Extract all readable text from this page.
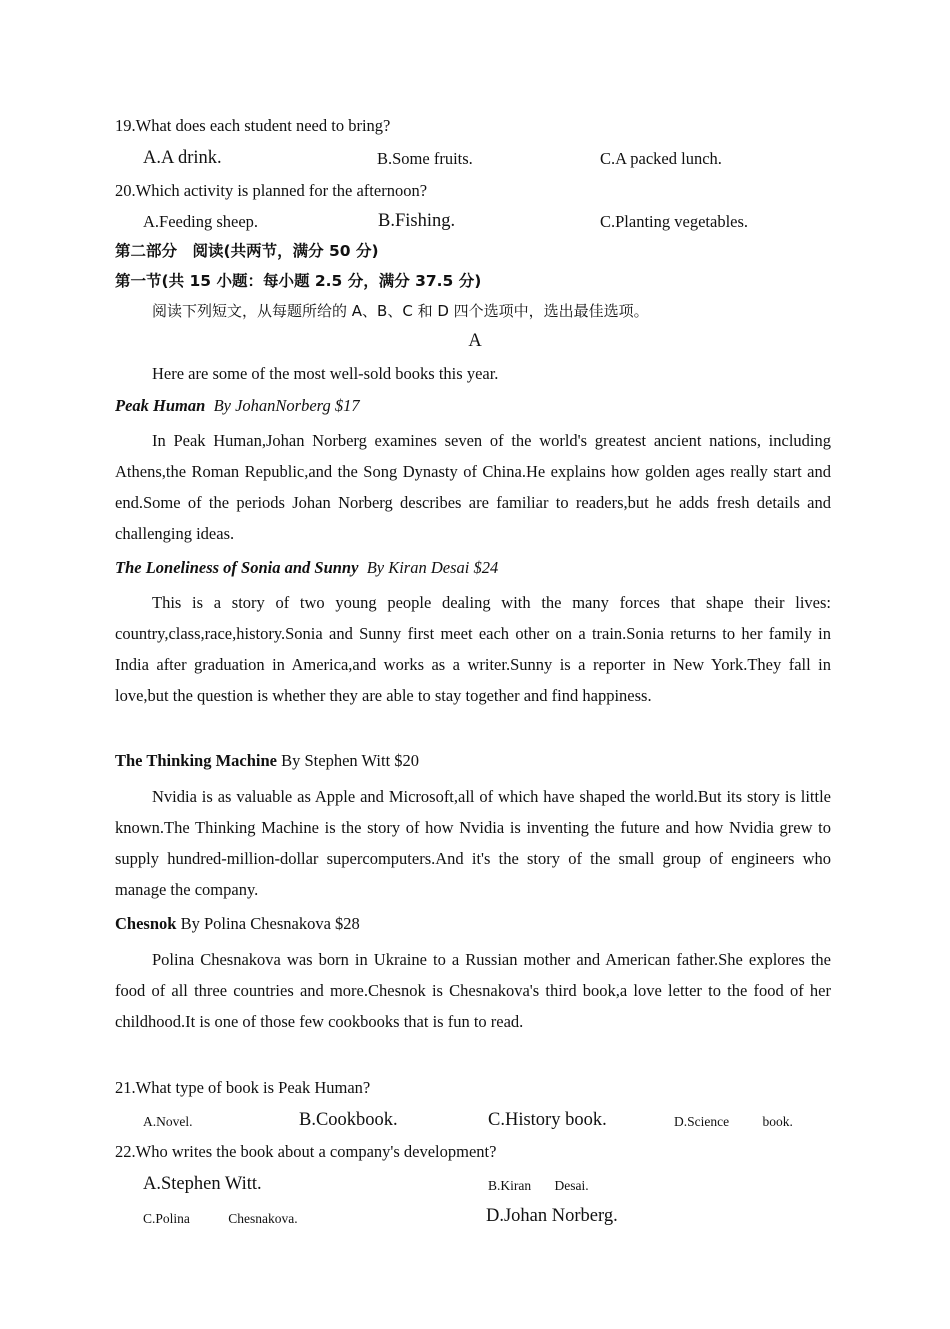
19.What does each student need to bring?
A.A drink.	B.Some fruits.	C.A packed lunch.
20.Which activity is planned for the afternoon?
A.Feeding sheep.	B.Fishing.	C.Planting vegetables.
第二部分　阅读(共两节，满分 50 分)
第一节(共 15 小题：每小题 2.5 分，满分 37.5 分)
阅读下列短文，从每题所给的 A、B、C 和 D 四个选项中，选出最佳选项。
A
Here are some of the most well-sold books this year.
Peak Human By JohanNorberg $17

In Peak Human,Johan Norberg examines seven of the world's greatest ancient nations, including Athens,the Roman Republic,and the Song Dynasty of China.He explains how golden ages really start and end.Some of the periods Johan Norberg describes are familiar to readers,but he adds fresh details and challenging ideas.

The Loneliness of Sonia and Sunny By Kiran Desai $24

This is a story of two young people dealing with the many forces that shape their lives: country,class,race,history.Sonia and Sunny first meet each other on a train.Sonia returns to her family in India after graduation in America,and works as a writer.Sunny is a reporter in New York.They fall in love,but the question is whether they are able to stay together and find happiness.

The Thinking Machine By Stephen Witt $20

Nvidia is as valuable as Apple and Microsoft,all of which have shaped the world.But its story is little known.The Thinking Machine is the story of how Nvidia is inventing the future and how Nvidia grew to supply hundred-million-dollar supercomputers.And it's the story of the small group of engineers who manage the company.

Chesnok By Polina Chesnakova $28

Polina Chesnakova was born in Ukraine to a Russian mother and American father.She explores the food of all three countries and more.Chesnok is Chesnakova's third book,a love letter to the food of her childhood.It is one of those few cookbooks that is fun to read.

21.What type of book is Peak Human?
A.Novel.	B.Cookbook.	C.History book.	D.Science book.
22.Who writes the book about a company's development?
A.Stephen Witt.	B.Kiran Desai.
C.Polina Chesnakova.	D.Johan Norberg.
